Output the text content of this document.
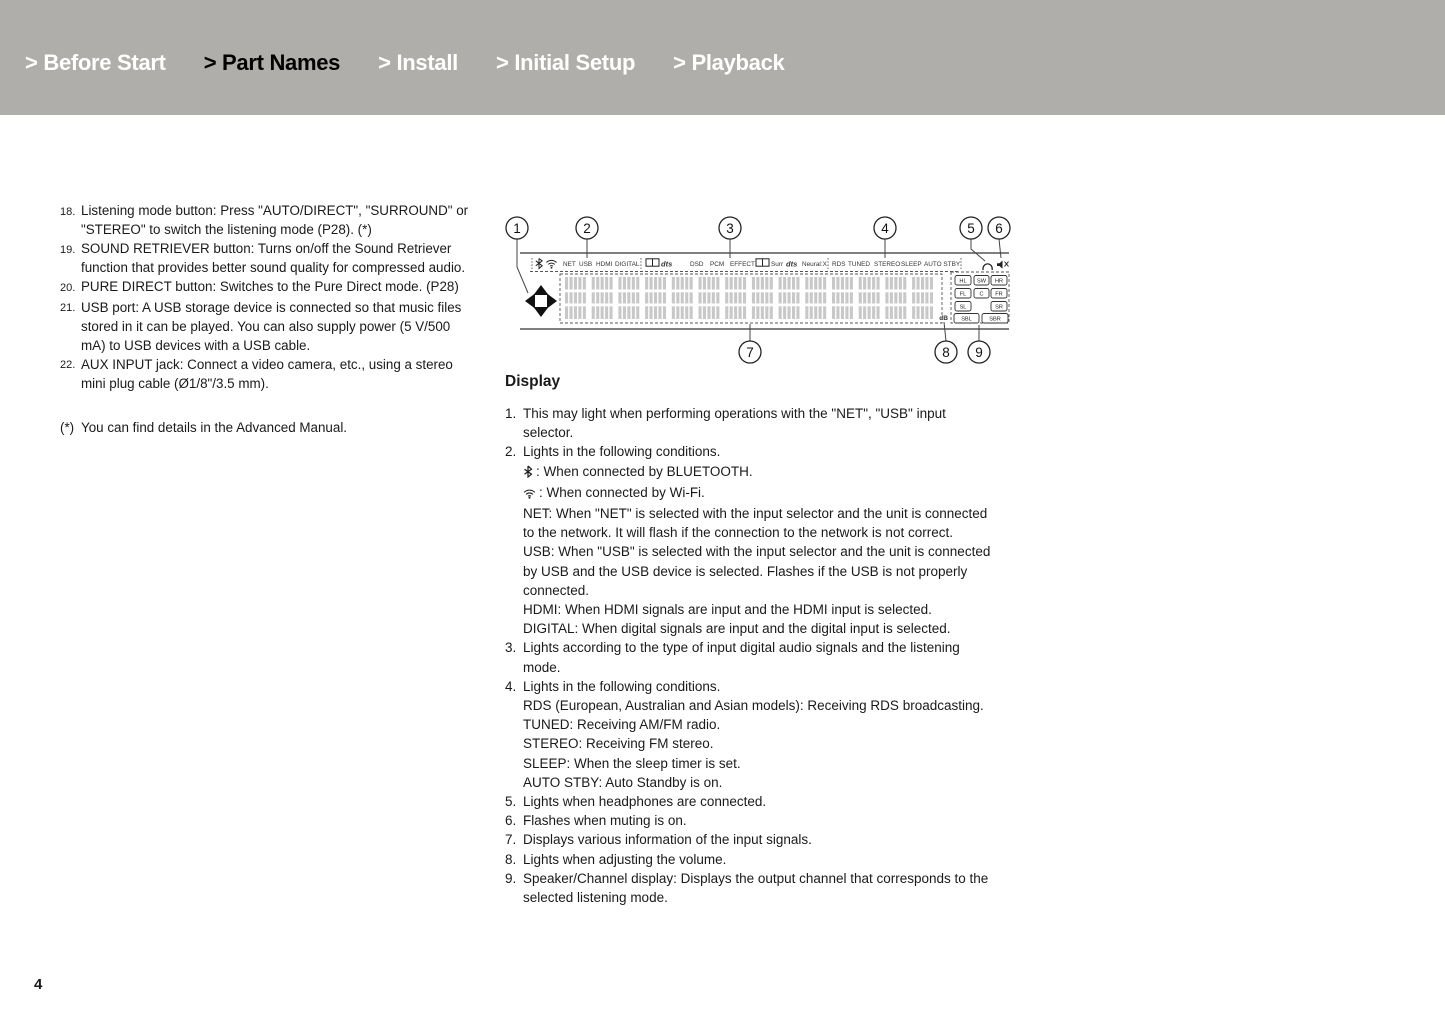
> Before Start > Part Names > Install > Initial Setup > Playback
18. Listening mode button: Press "AUTO/DIRECT", "SURROUND" or "STEREO" to switch the listening mode (P28). (*)
19. SOUND RETRIEVER button: Turns on/off the Sound Retriever function that provides better sound quality for compressed audio.
20. PURE DIRECT button: Switches to the Pure Direct mode. (P28)
21. USB port: A USB storage device is connected so that music files stored in it can be played. You can also supply power (5 V/500 mA) to USB devices with a USB cable.
22. AUX INPUT jack: Connect a video camera, etc., using a stereo mini plug cable (Ø1/8"/3.5 mm).
(*) You can find details in the Advanced Manual.
NET USB HDMI DIGITAL	dts	DSD PCM EFFECT	Surr dts Neural:X RDS TUNED STEREO SLEEP AUTO STBY
dB
HL SW HR
FL C FR
SL	SR
SBL	SBR
1	2	3	4	5 6
7	8 9
Display
1. This may light when performing operations with the "NET", "USB" input selector.
2. Lights in the following conditions.
: When connected by BLUETOOTH.
: When connected by Wi-Fi.
NET: When "NET" is selected with the input selector and the unit is connected to the network. It will flash if the connection to the network is not correct.
USB: When "USB" is selected with the input selector and the unit is connected by USB and the USB device is selected. Flashes if the USB is not properly connected.
HDMI: When HDMI signals are input and the HDMI input is selected.
DIGITAL: When digital signals are input and the digital input is selected.
3. Lights according to the type of input digital audio signals and the listening mode.
4. Lights in the following conditions.
RDS (European, Australian and Asian models): Receiving RDS broadcasting.
TUNED: Receiving AM/FM radio.
STEREO: Receiving FM stereo.
SLEEP: When the sleep timer is set.
AUTO STBY: Auto Standby is on.
5. Lights when headphones are connected.
6. Flashes when muting is on.
7. Displays various information of the input signals.
8. Lights when adjusting the volume.
9. Speaker/Channel display: Displays the output channel that corresponds to the selected listening mode.
4
